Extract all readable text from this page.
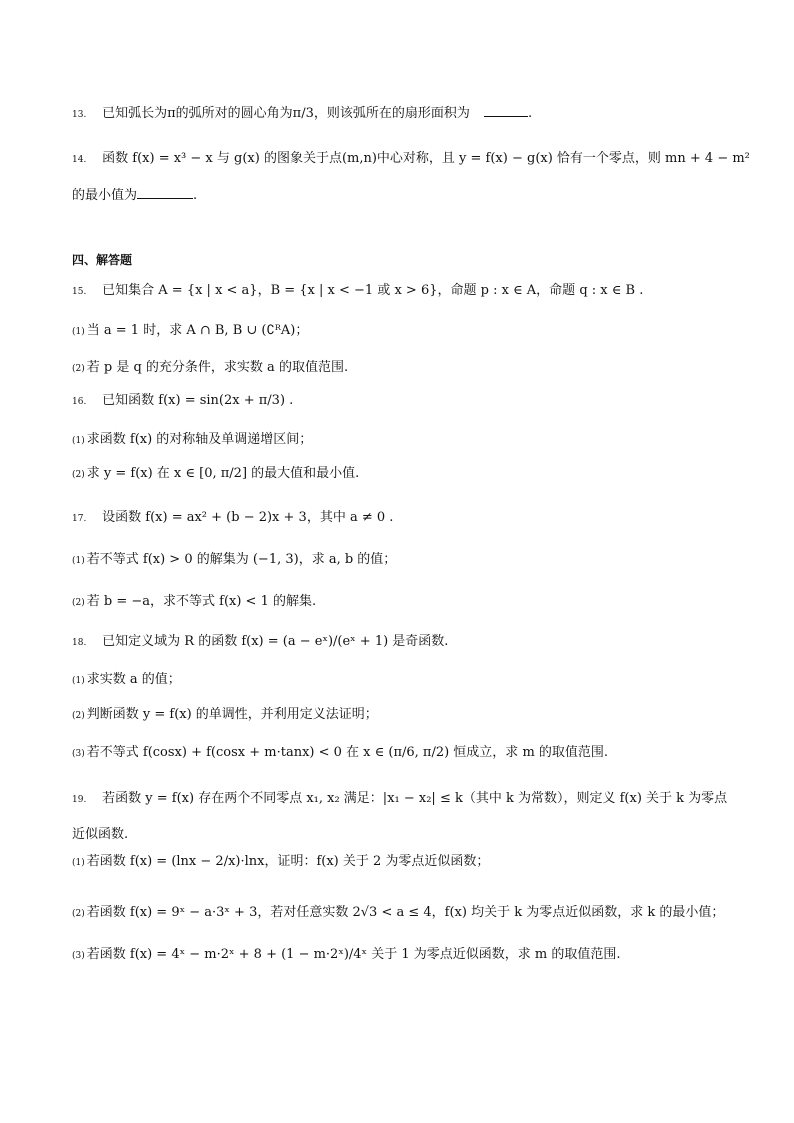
13. 已知弧长为π的弧所对的圆心角为π/3，则该弧所在的扇形面积为	.
14. 函数 f(x) = x³ − x 与 g(x) 的图象关于点(m,n)中心对称，且 y = f(x) − g(x) 恰有一个零点，则 mn + 4 − m²
的最小值为	.
四、解答题
15. 已知集合 A = {x | x < a}，B = {x | x < −1 或 x > 6}，命题 p : x ∈ A，命题 q : x ∈ B .
(1) 当 a = 1 时，求 A ∩ B, B ∪ (∁ᴿA)；
(2) 若 p 是 q 的充分条件，求实数 a 的取值范围.
16. 已知函数 f(x) = sin(2x + π/3) .
(1) 求函数 f(x) 的对称轴及单调递增区间；
(2) 求 y = f(x) 在 x ∈ [0, π/2] 的最大值和最小值.
17. 设函数 f(x) = ax² + (b − 2)x + 3，其中 a ≠ 0 .
(1) 若不等式 f(x) > 0 的解集为 (−1, 3)，求 a, b 的值；
(2) 若 b = −a，求不等式 f(x) < 1 的解集.
18. 已知定义域为 R 的函数 f(x) = (a − eˣ)/(eˣ + 1) 是奇函数.
(1) 求实数 a 的值；
(2) 判断函数 y = f(x) 的单调性，并利用定义法证明；
(3) 若不等式 f(cosx) + f(cosx + m·tanx) < 0 在 x ∈ (π/6, π/2) 恒成立，求 m 的取值范围.
19. 若函数 y = f(x) 存在两个不同零点 x₁, x₂ 满足：|x₁ − x₂| ≤ k（其中 k 为常数），则定义 f(x) 关于 k 为零点
近似函数.
(1) 若函数 f(x) = (lnx − 2/x)·lnx，证明：f(x) 关于 2 为零点近似函数；
(2) 若函数 f(x) = 9ˣ − a·3ˣ + 3，若对任意实数 2√3 < a ≤ 4，f(x) 均关于 k 为零点近似函数，求 k 的最小值；
(3) 若函数 f(x) = 4ˣ − m·2ˣ + 8 + (1 − m·2ˣ)/4ˣ 关于 1 为零点近似函数，求 m 的取值范围.
